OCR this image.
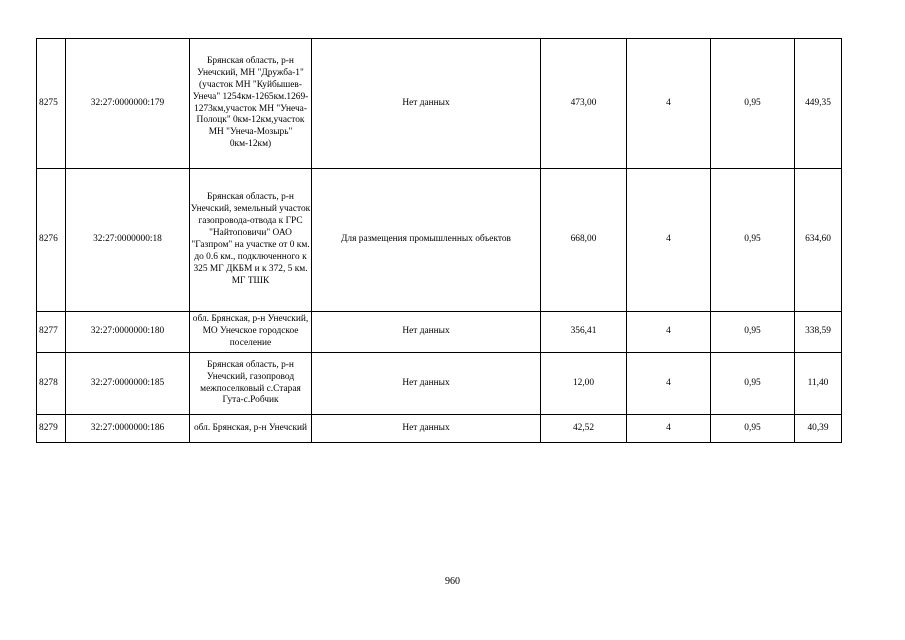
8275	32:27:0000000:179	Брянская область, р-н Унечский, МН "Дружба-1" (участок МН "Куйбышев-Унеча" 1254км-1265км.1269-1273км,участок МН "Унеча-Полоцк" 0км-12км,участок МН "Унеча-Мозырь" 0км-12км)	Нет данных	473,00	4	0,95	449,35
8276	32:27:0000000:18	Брянская область, р-н Унечский, земельный участок газопровода-отвода к ГРС "Найтоповичи" ОАО "Газпром" на участке от 0 км. до 0.6 км., подключенного к 325 МГ ДКБМ и к 372, 5 км. МГ ТШК	Для размещения промышленных объектов	668,00	4	0,95	634,60
8277	32:27:0000000:180	обл. Брянская, р-н Унечский, МО Унечское городское поселение	Нет данных	356,41	4	0,95	338,59
8278	32:27:0000000:185	Брянская область, р-н Унечский, газопровод межпоселковый с.Старая Гута-с.Робчик	Нет данных	12,00	4	0,95	11,40
8279	32:27:0000000:186	обл. Брянская, р-н Унечский	Нет данных	42,52	4	0,95	40,39
960
